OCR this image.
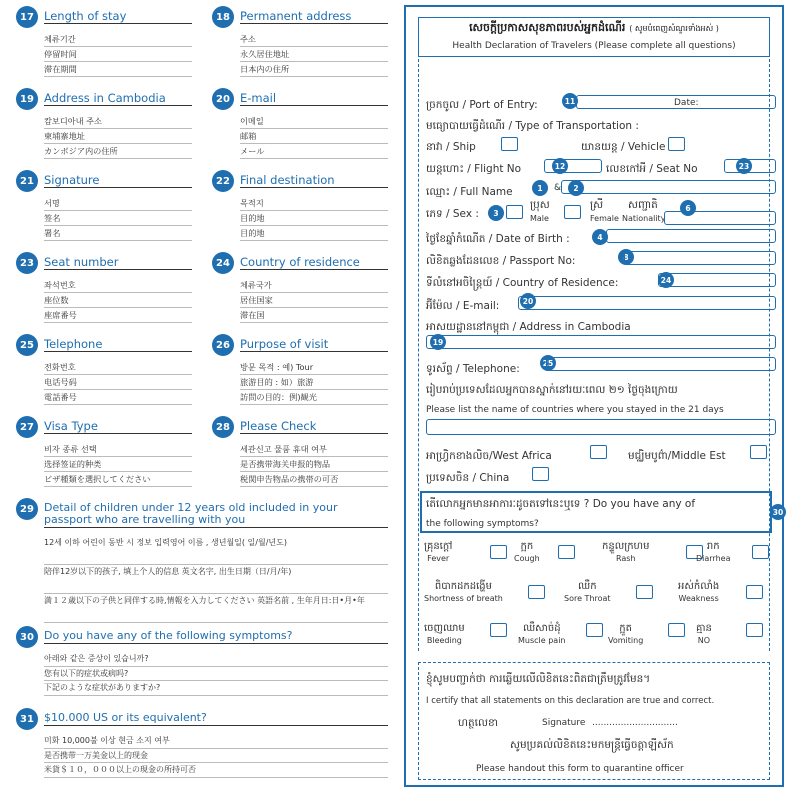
17 Length of stay
체류기간
停留时间
滞在期間
18 Permanent address
주소
永久居住地址
日本内の住所
19 Address in Cambodia
캄보디아내 주소
柬埔寨地址
カンボジア内の住所
20 E-mail
이메일
邮箱
メール
21 Signature
서명
签名
署名
22 Final destination
목적지
目的地
目的地
23 Seat number
좌석번호
座位数
座席番号
24 Country of residence
체류국가
居住国家
滞在国
25 Telephone
전화번호
电话号码
電話番号
26 Purpose of visit
방문 목적 : 예) Tour
旅游目的 : 如）旅游
訪問の目的：例)観光
27 Visa Type
비자 종류 선택
选择签证的种类
ビザ種類を選択してください
28 Please Check
세관신고 물품 휴대 여부
是否携带海关申报的物品
税関申告物品の携帯の可否
29 Detail of children under 12 years old included in your passport who are travelling with you
12세 이하 어린이 동반 시 정보 입력영어 이름 , 생년월일( 일/월/년도)
陪伴12岁以下的孩子, 填上个人的信息 英文名字, 出生日期（日/月/年)
満１２歳以下の子供と同伴する時,情報を入力してください 英語名前 , 生年月日:日•月•年
30 Do you have any of the following symptoms?
아래와 같은 증상이 있습니까?
您有以下的症状或病吗?
下記のような症状がありますか?
31 $10.000 US or its equivalent?
미화 10,000불 이상 현금 소지 여부
是否携带一万美金以上的现金
米貨＄１０，０００以上の現金の所持可否
សេចក្តីប្រកាសសុខភាពរបស់អ្នកដំណើរ ( សូមបំពេញសំណួរទាំងអស់ )
Health Declaration of Travelers (Please complete all questions)
ច្រកចូល / Port of Entry:	Date:
11
មធ្យោបាយធ្វើដំណើរ / Type of Transportation :
នាវា / Ship	យានយន្ត / Vehicle
យន្តហោះ / Flight No	12	លេខកៅអី / Seat No	23
ឈ្មោះ / Full Name	1	&	2
ភេទ / Sex :	3
ប្រុស
Male
ស្រី
Female
សញ្ជាតិ
Nationality
6
ថ្ងៃខែឆ្នាំកំណើត / Date of Birth :	4
លិខិតឆ្លងដែនលេខ / Passport No:	8
ទីលំនៅអចិន្ត្រៃយ៍ / Country of Residence:	24
អ៊ីម៉ែល / E-mail:	20
អាសយដ្ឋាននៅកម្ពុជា / Address in Cambodia
19
ទូរស័ព្ទ / Telephone:	25
រៀបរាប់ប្រទេសដែលអ្នកបានស្នាក់នៅរយៈពេល ២១ ថ្ងៃចុងក្រោយ
Please list the name of countries where you stayed in the 21 days
អាហ្វ្រិកខាងលិច/West Africa	មជ្ឈិមបូព៌ា/Middle Est
ប្រទេសចិន / China
តើលោកអ្នកមានអាការៈដូចតទៅនេះឬទេ ? Do you have any of
the following symptoms?
30
គ្រុនក្តៅ
Fever
ក្អក
Cough
កន្ទួលក្រហម
Rash
រាក
Diarrhea
ពិបាកដកដង្ហើម
Shortness of breath
ឈឺក
Sore Throat
អស់កំលាំង
Weakness
ចេញឈាម
Bleeding
ឈឺសាច់ដុំ
Muscle pain
ក្អួត
Vomiting
គ្មាន
NO
ខ្ញុំសូមបញ្ជាក់ថា ការឆ្លើយលើលិខិតនេះពិតជាត្រឹមត្រូវមែន។
I certify that all statements on this declaration are true and correct.
ហត្ថលេខា	Signature ..............................
សូមប្រគល់លិខិតនេះមកមន្ត្រីធ្វើចត្តាឡីស័ក
Please handout this form to quarantine officer
